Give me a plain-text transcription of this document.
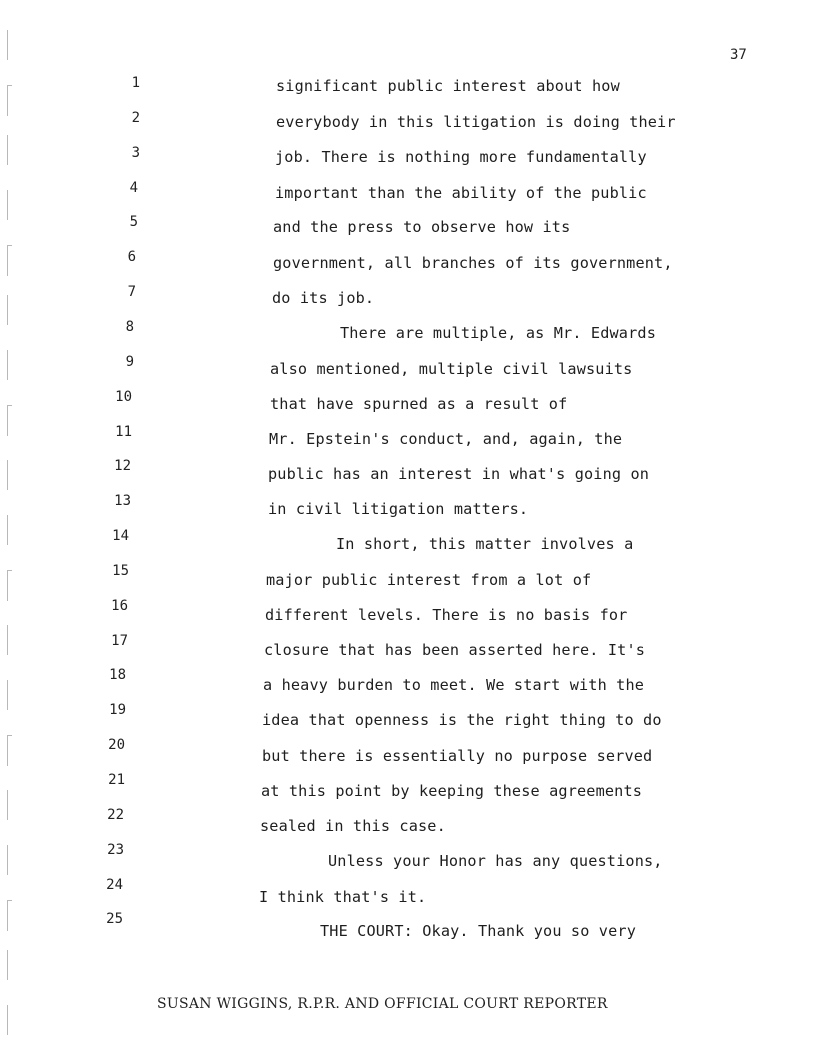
37
1	significant public interest about how
2	everybody in this litigation is doing their
3	job. There is nothing more fundamentally
4	important than the ability of the public
5	and the press to observe how its
6	government, all branches of its government,
7	do its job.
8	There are multiple, as Mr. Edwards
9	also mentioned, multiple civil lawsuits
10	that have spurned as a result of
11	Mr. Epstein's conduct, and, again, the
12	public has an interest in what's going on
13	in civil litigation matters.
14	In short, this matter involves a
15	major public interest from a lot of
16	different levels. There is no basis for
17	closure that has been asserted here. It's
18
a heavy burden to meet. We start with the
19
idea that openness is the right thing to do
20
but there is essentially no purpose served
21
at this point by keeping these agreements
22
sealed in this case.
23
Unless your Honor has any questions,
24
I think that's it.
25
THE COURT: Okay. Thank you so very
SUSAN WIGGINS, R.P.R. AND OFFICIAL COURT REPORTER
